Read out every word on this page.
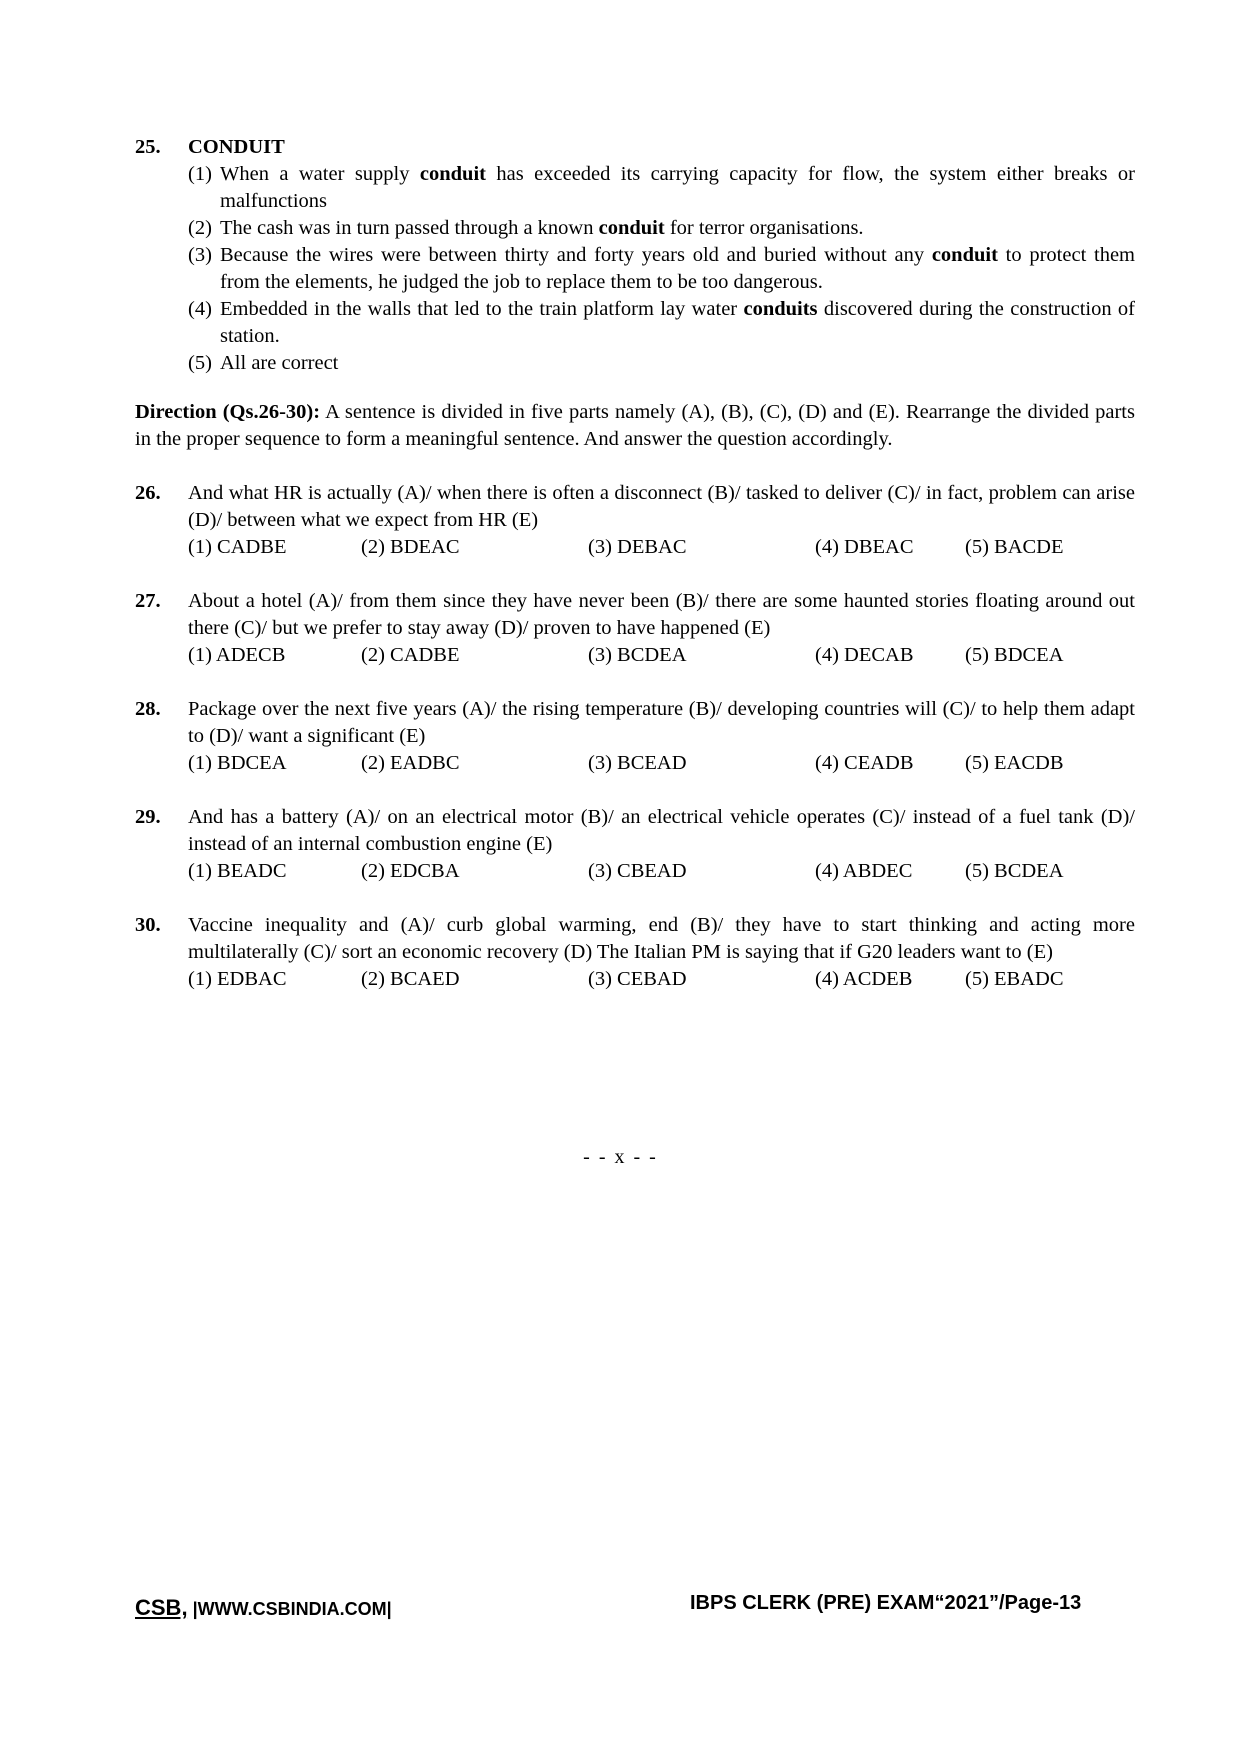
25.	CONDUIT
(1) When a water supply conduit has exceeded its carrying capacity for flow, the system either breaks or malfunctions
(2) The cash was in turn passed through a known conduit for terror organisations.
(3) Because the wires were between thirty and forty years old and buried without any conduit to protect them from the elements, he judged the job to replace them to be too dangerous.
(4) Embedded in the walls that led to the train platform lay water conduits discovered during the construction of station.
(5) All are correct
Direction (Qs.26-30): A sentence is divided in five parts namely (A), (B), (C), (D) and (E). Rearrange the divided parts in the proper sequence to form a meaningful sentence. And answer the question accordingly.
26.	And what HR is actually (A)/ when there is often a disconnect (B)/ tasked to deliver (C)/ in fact, problem can arise (D)/ between what we expect from HR (E)
(1) CADBE	(2) BDEAC	(3) DEBAC	(4) DBEAC	(5) BACDE
27.	About a hotel (A)/ from them since they have never been (B)/ there are some haunted stories floating around out there (C)/ but we prefer to stay away (D)/ proven to have happened (E)
(1) ADECB	(2) CADBE	(3) BCDEA	(4) DECAB	(5) BDCEA
28.	Package over the next five years (A)/ the rising temperature (B)/ developing countries will (C)/ to help them adapt to (D)/ want a significant (E)
(1) BDCEA	(2) EADBC	(3) BCEAD	(4) CEADB	(5) EACDB
29.	And has a battery (A)/ on an electrical motor (B)/ an electrical vehicle operates (C)/ instead of a fuel tank (D)/ instead of an internal combustion engine (E)
(1) BEADC	(2) EDCBA	(3) CBEAD	(4) ABDEC	(5) BCDEA
30.	Vaccine inequality and (A)/ curb global warming, end (B)/ they have to start thinking and acting more multilaterally (C)/ sort an economic recovery (D) The Italian PM is saying that if G20 leaders want to (E)
(1) EDBAC	(2) BCAED	(3) CEBAD	(4) ACDEB	(5) EBADC
- - x - -
CSB, |WWW.CSBINDIA.COM|	IBPS CLERK (PRE) EXAM“2021”/Page-13
